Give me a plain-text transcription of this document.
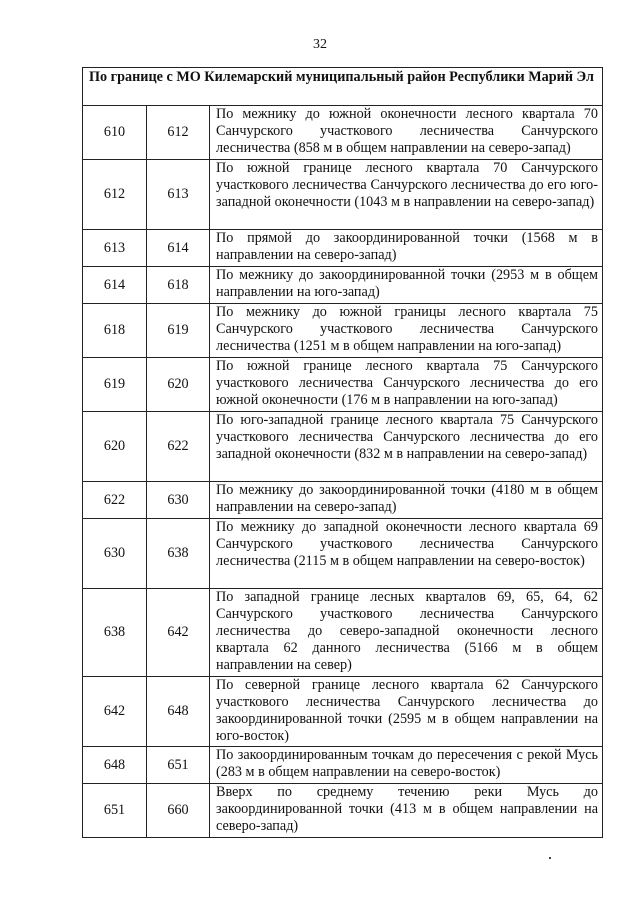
32
По границе с МО Килемарский муниципальный район Республики Марий Эл		
610	612	По межнику до южной оконечности лесного квартала 70 Санчурского участкового лесничества Санчурского лесничества (858 м в общем направлении на северо-запад)
612	613	По южной границе лесного квартала 70 Санчурского участкового лесничества Санчурского лесничества до его юго-западной оконечности (1043 м в направлении на северо-запад)
613	614	По прямой до закоординированной точки (1568 м в направлении на северо-запад)
614	618	По межнику до закоординированной точки (2953 м в общем направлении на юго-запад)
618	619	По межнику до южной границы лесного квартала 75 Санчурского участкового лесничества Санчурского лесничества (1251 м в общем направлении на юго-запад)
619	620	По южной границе лесного квартала 75 Санчурского участкового лесничества Санчурского лесничества до его южной оконечности (176 м в направлении на юго-запад)
620	622	По юго-западной границе лесного квартала 75 Санчурского участкового лесничества Санчурского лесничества до его западной оконечности (832 м в направлении на северо-запад)
622	630	По межнику до закоординированной точки (4180 м в общем направлении на северо-запад)
630	638	По межнику до западной оконечности лесного квартала 69 Санчурского участкового лесничества Санчурского лесничества (2115 м в общем направлении на северо-восток)
638	642	По западной границе лесных кварталов 69, 65, 64, 62 Санчурского участкового лесничества Санчурского лесничества до северо-западной оконечности лесного квартала 62 данного лесничества (5166 м в общем направлении на север)
642	648	По северной границе лесного квартала 62 Санчурского участкового лесничества Санчурского лесничества до закоординированной точки (2595 м в общем направлении на юго-восток)
648	651	По закоординированным точкам до пересечения с рекой Мусь (283 м в общем направлении на северо-восток)
651	660	Вверх по среднему течению реки Мусь до закоординированной точки (413 м в общем направлении на северо-запад)
